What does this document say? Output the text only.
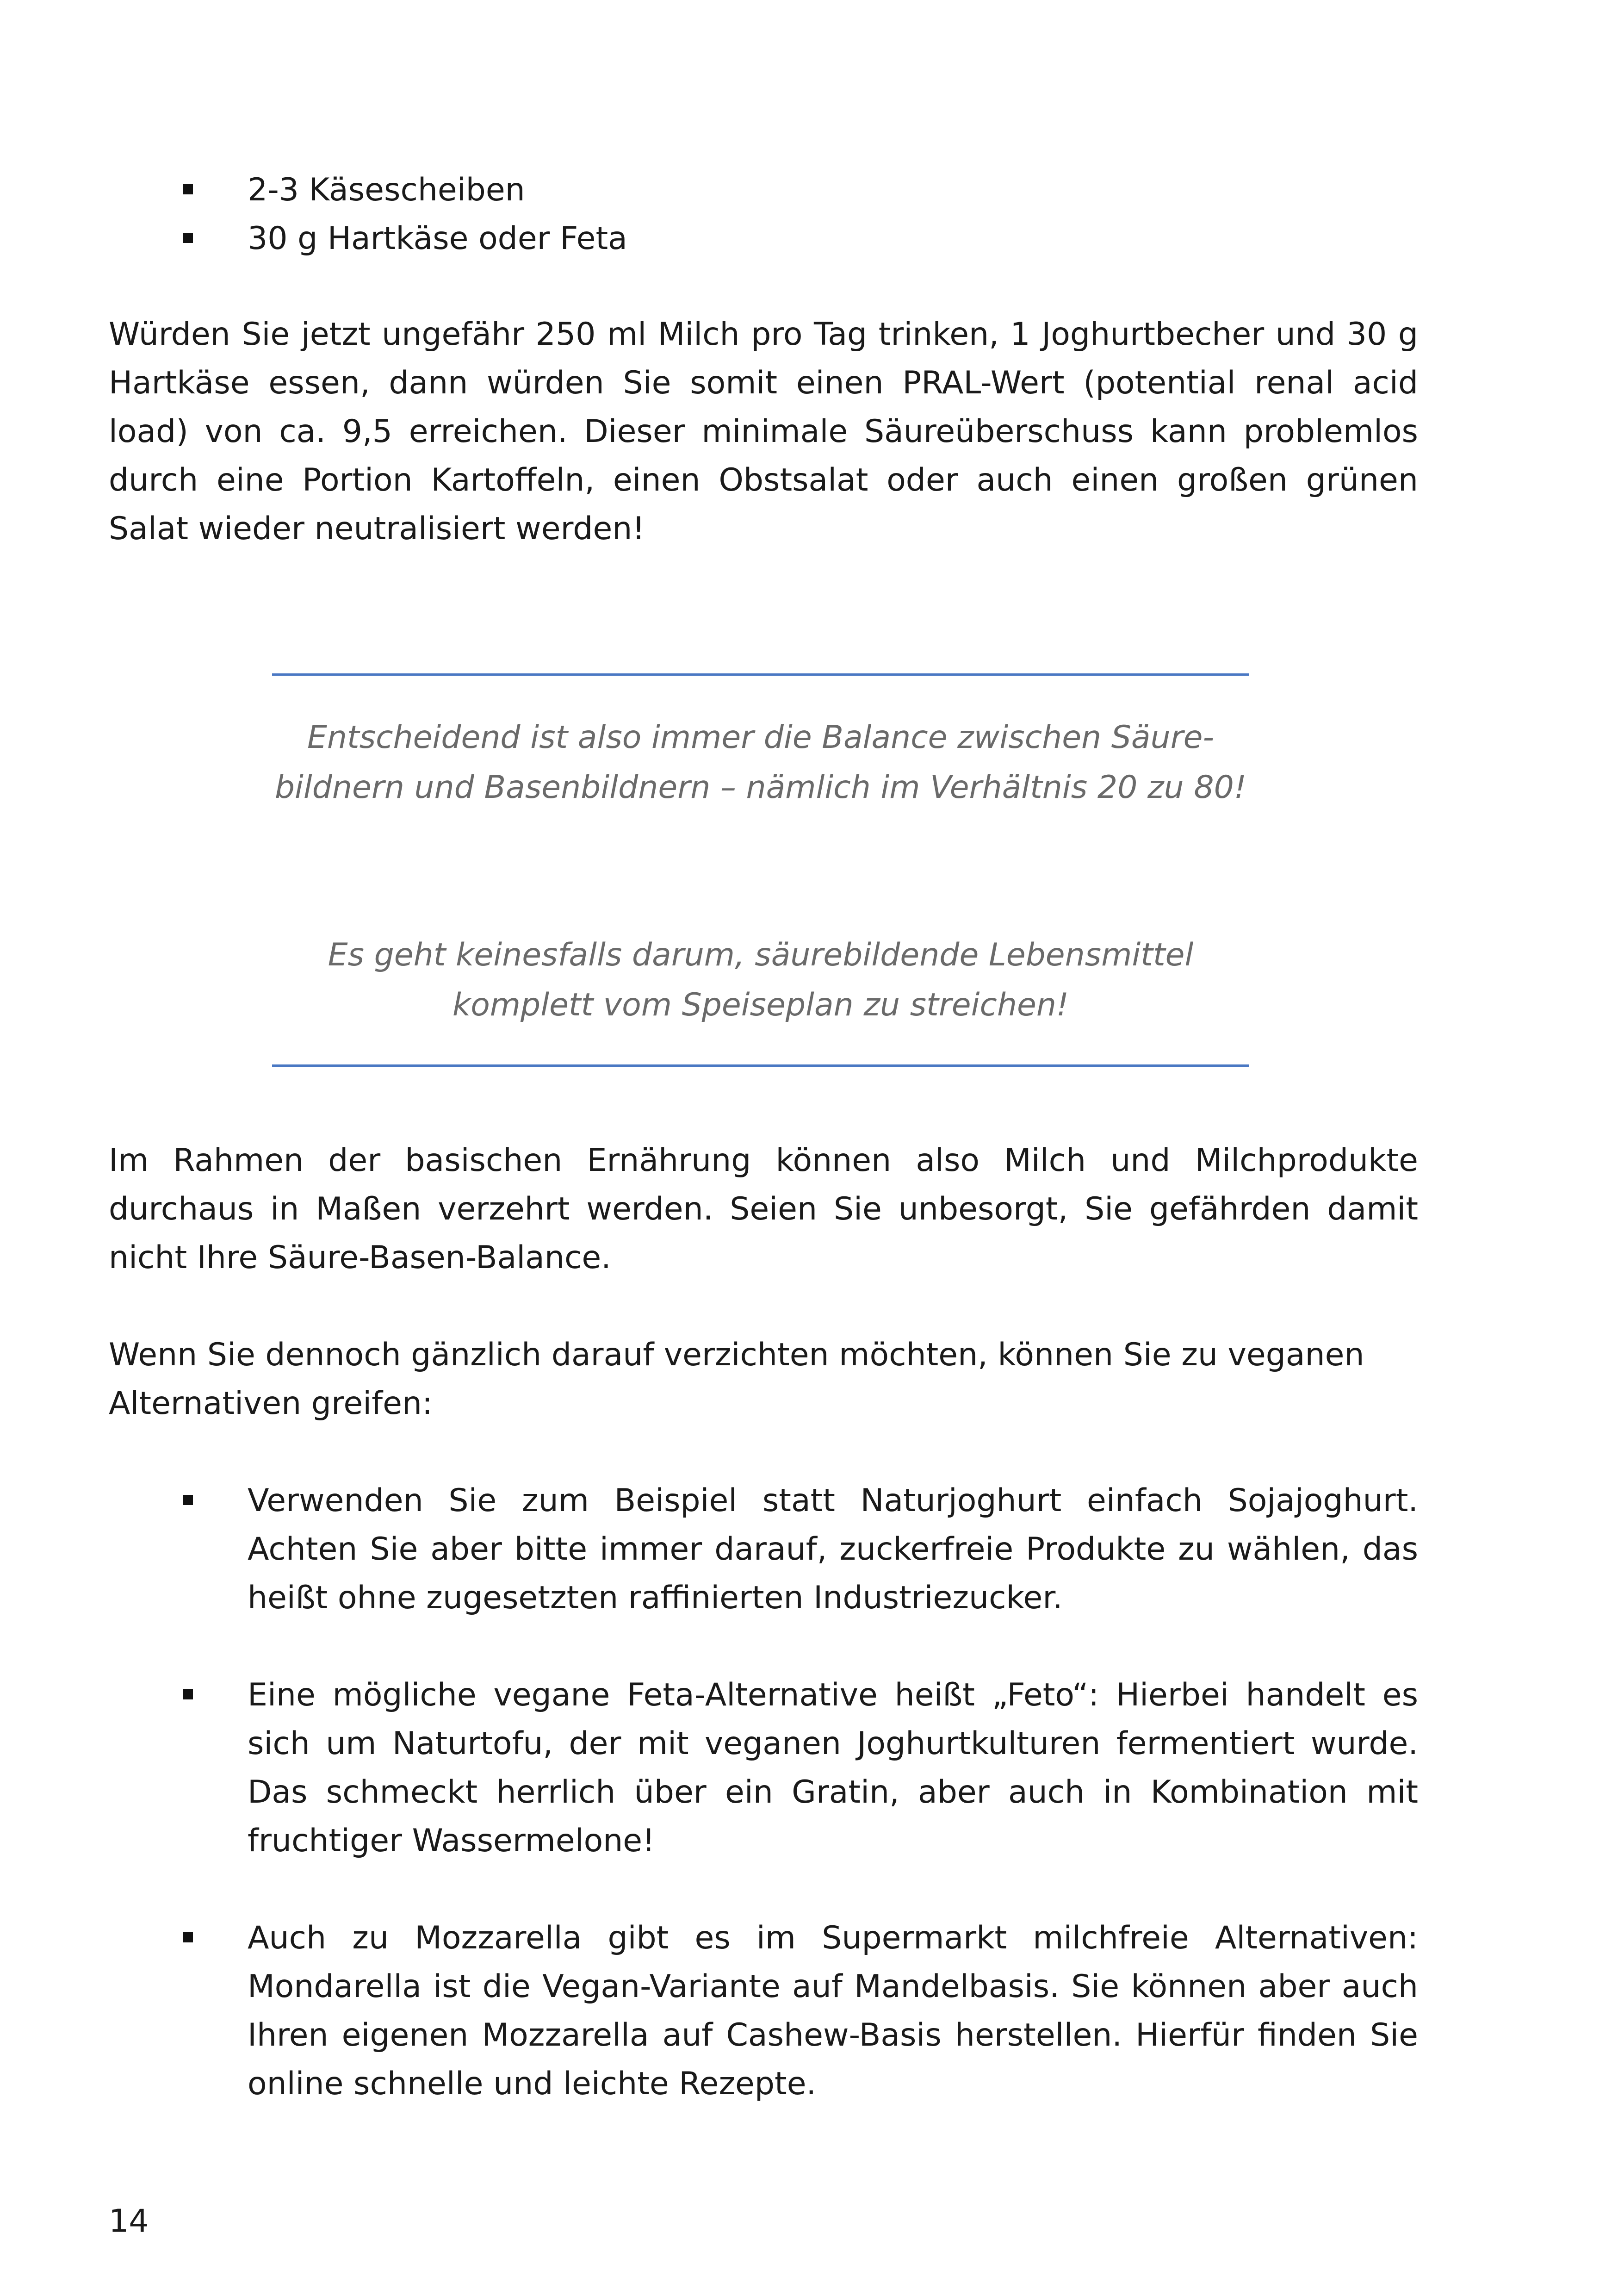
2-3 Käsescheiben
30 g Hartkäse oder Feta

Würden Sie jetzt ungefähr 250 ml Milch pro Tag trinken, 1 Joghurtbecher und 30 g Hartkäse essen, dann würden Sie somit einen PRAL-Wert (potential renal acid load) von ca. 9,5 erreichen. Dieser minimale Säureüberschuss kann problemlos durch eine Portion Kartoffeln, einen Obstsalat oder auch einen großen grünen Salat wieder neutralisiert werden!

Entscheidend ist also immer die Balance zwischen Säure-bildnern und Basenbildnern – nämlich im Verhältnis 20 zu 80!

Es geht keinesfalls darum, säurebildende Lebensmittel komplett vom Speiseplan zu streichen!

Im Rahmen der basischen Ernährung können also Milch und Milchprodukte durchaus in Maßen verzehrt werden. Seien Sie unbesorgt, Sie gefährden damit nicht Ihre Säure-Basen-Balance.

Wenn Sie dennoch gänzlich darauf verzichten möchten, können Sie zu veganen Alternativen greifen:

Verwenden Sie zum Beispiel statt Naturjoghurt einfach Sojajoghurt. Achten Sie aber bitte immer darauf, zuckerfreie Produkte zu wählen, das heißt ohne zugesetzten raffinierten Industriezucker.
Eine mögliche vegane Feta-Alternative heißt „Feto“: Hierbei handelt es sich um Naturtofu, der mit veganen Joghurtkulturen fermentiert wurde. Das schmeckt herrlich über ein Gratin, aber auch in Kombination mit fruchtiger Wassermelone!
Auch zu Mozzarella gibt es im Supermarkt milchfreie Alternativen: Mondarella ist die Vegan-Variante auf Mandelbasis. Sie können aber auch Ihren eigenen Mozzarella auf Cashew-Basis herstellen. Hierfür finden Sie online schnelle und leichte Rezepte.
14
